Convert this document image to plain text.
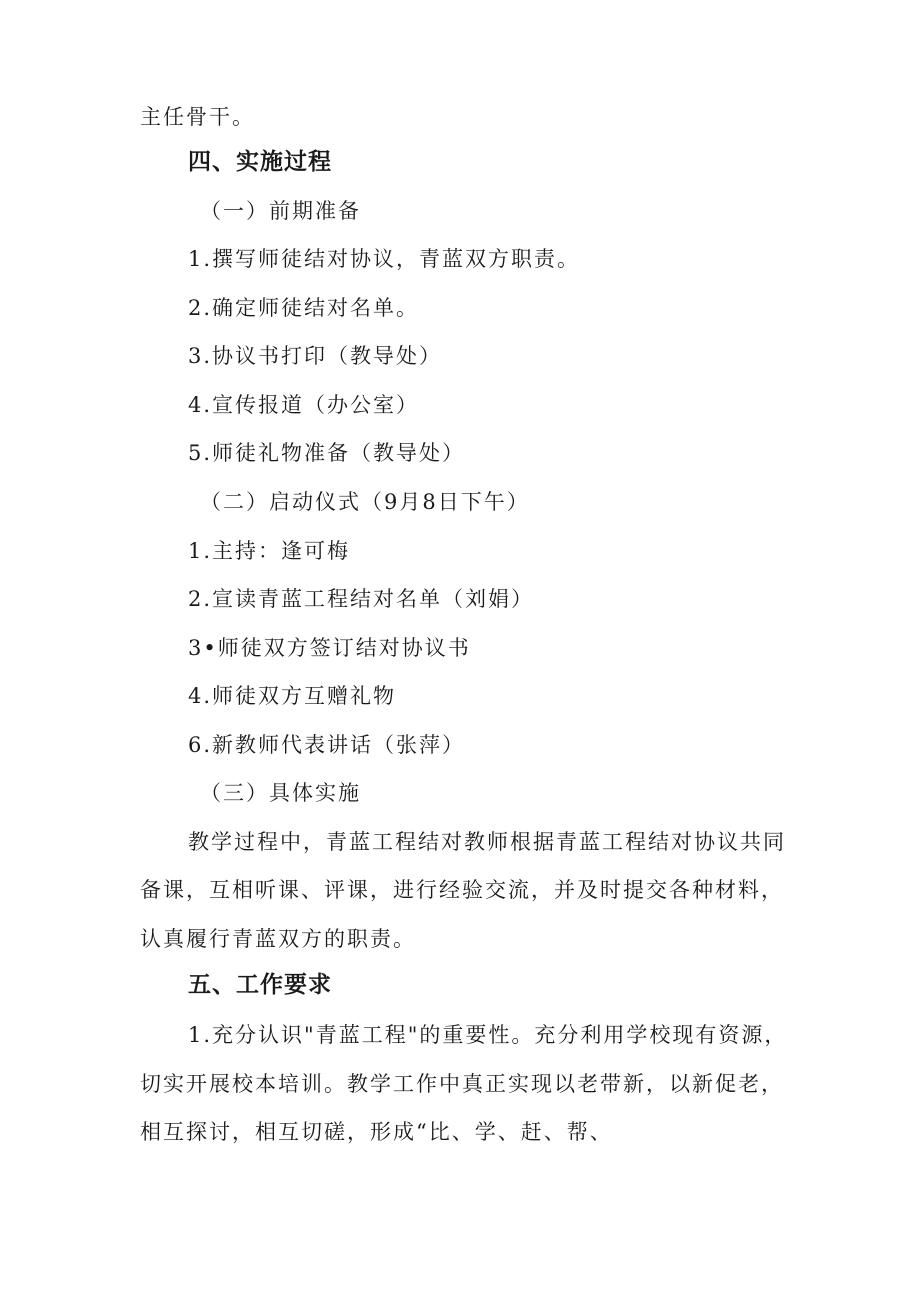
主任骨干。
四、实施过程
（一）前期准备
1.撰写师徒结对协议，青蓝双方职责。
2.确定师徒结对名单。
3.协议书打印（教导处）
4.宣传报道（办公室）
5.师徒礼物准备（教导处）
（二）启动仪式（9月8日下午）
1.主持：逢可梅
2.宣读青蓝工程结对名单（刘娟）
3•师徒双方签订结对协议书
4.师徒双方互赠礼物
6.新教师代表讲话（张萍）
（三）具体实施
教学过程中，青蓝工程结对教师根据青蓝工程结对协议共同
备课，互相听课、评课，进行经验交流，并及时提交各种材料，
认真履行青蓝双方的职责。
五、工作要求
1.充分认识"青蓝工程"的重要性。充分利用学校现有资源，
切实开展校本培训。教学工作中真正实现以老带新，以新促老，
相互探讨，相互切磋，形成“比、学、赶、帮、
